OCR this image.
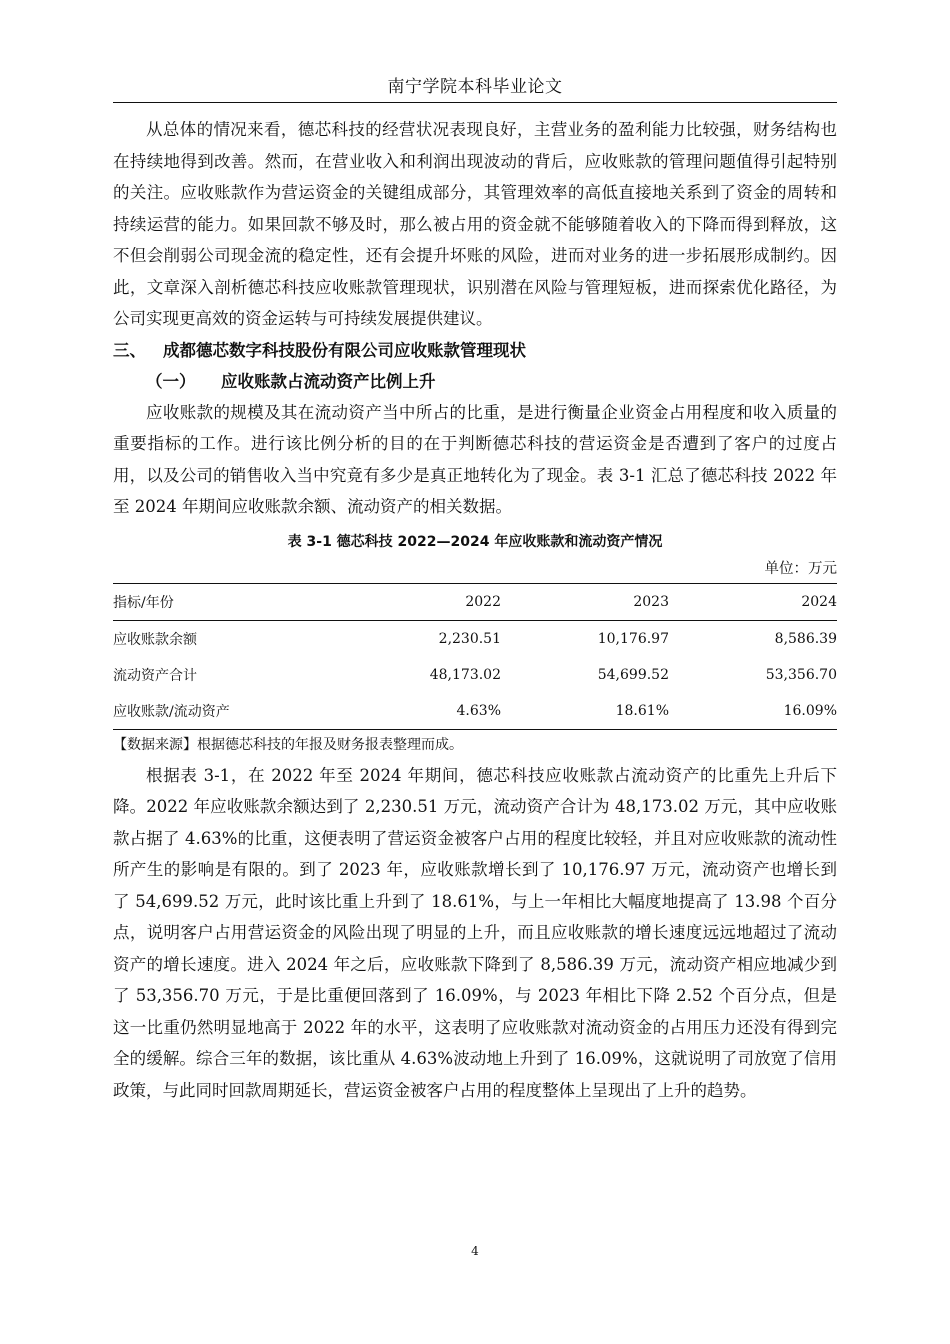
南宁学院本科毕业论文

从总体的情况来看，德芯科技的经营状况表现良好，主营业务的盈利能力比较强，财务结构也在持续地得到改善。然而，在营业收入和利润出现波动的背后，应收账款的管理问题值得引起特别的关注。应收账款作为营运资金的关键组成部分，其管理效率的高低直接地关系到了资金的周转和持续运营的能力。如果回款不够及时，那么被占用的资金就不能够随着收入的下降而得到释放，这不但会削弱公司现金流的稳定性，还有会提升坏账的风险，进而对业务的进一步拓展形成制约。因此，文章深入剖析德芯科技应收账款管理现状，识别潜在风险与管理短板，进而探索优化路径，为公司实现更高效的资金运转与可持续发展提供建议。

三、 成都德芯数字科技股份有限公司应收账款管理现状
（一） 应收账款占流动资产比例上升

应收账款的规模及其在流动资产当中所占的比重，是进行衡量企业资金占用程度和收入质量的重要指标的工作。进行该比例分析的目的在于判断德芯科技的营运资金是否遭到了客户的过度占用，以及公司的销售收入当中究竟有多少是真正地转化为了现金。表 3-1 汇总了德芯科技 2022 年至 2024 年期间应收账款余额、流动资产的相关数据。

表 3-1 德芯科技 2022—2024 年应收账款和流动资产情况
单位：万元
指标/年份	2022	2023	2024
应收账款余额	2,230.51	10,176.97	8,586.39
流动资产合计	48,173.02	54,699.52	53,356.70
应收账款/流动资产	4.63%	18.61%	16.09%
【数据来源】根据德芯科技的年报及财务报表整理而成。

根据表 3-1，在 2022 年至 2024 年期间，德芯科技应收账款占流动资产的比重先上升后下降。2022 年应收账款余额达到了 2,230.51 万元，流动资产合计为 48,173.02 万元，其中应收账款占据了 4.63%的比重，这便表明了营运资金被客户占用的程度比较轻，并且对应收账款的流动性所产生的影响是有限的。到了 2023 年，应收账款增长到了 10,176.97 万元，流动资产也增长到了 54,699.52 万元，此时该比重上升到了 18.61%，与上一年相比大幅度地提高了 13.98 个百分点，说明客户占用营运资金的风险出现了明显的上升，而且应收账款的增长速度远远地超过了流动资产的增长速度。进入 2024 年之后，应收账款下降到了 8,586.39 万元，流动资产相应地减少到了 53,356.70 万元，于是比重便回落到了 16.09%，与 2023 年相比下降 2.52 个百分点，但是这一比重仍然明显地高于 2022 年的水平，这表明了应收账款对流动资金的占用压力还没有得到完全的缓解。综合三年的数据，该比重从 4.63%波动地上升到了 16.09%，这就说明了司放宽了信用政策，与此同时回款周期延长，营运资金被客户占用的程度整体上呈现出了上升的趋势。

4
